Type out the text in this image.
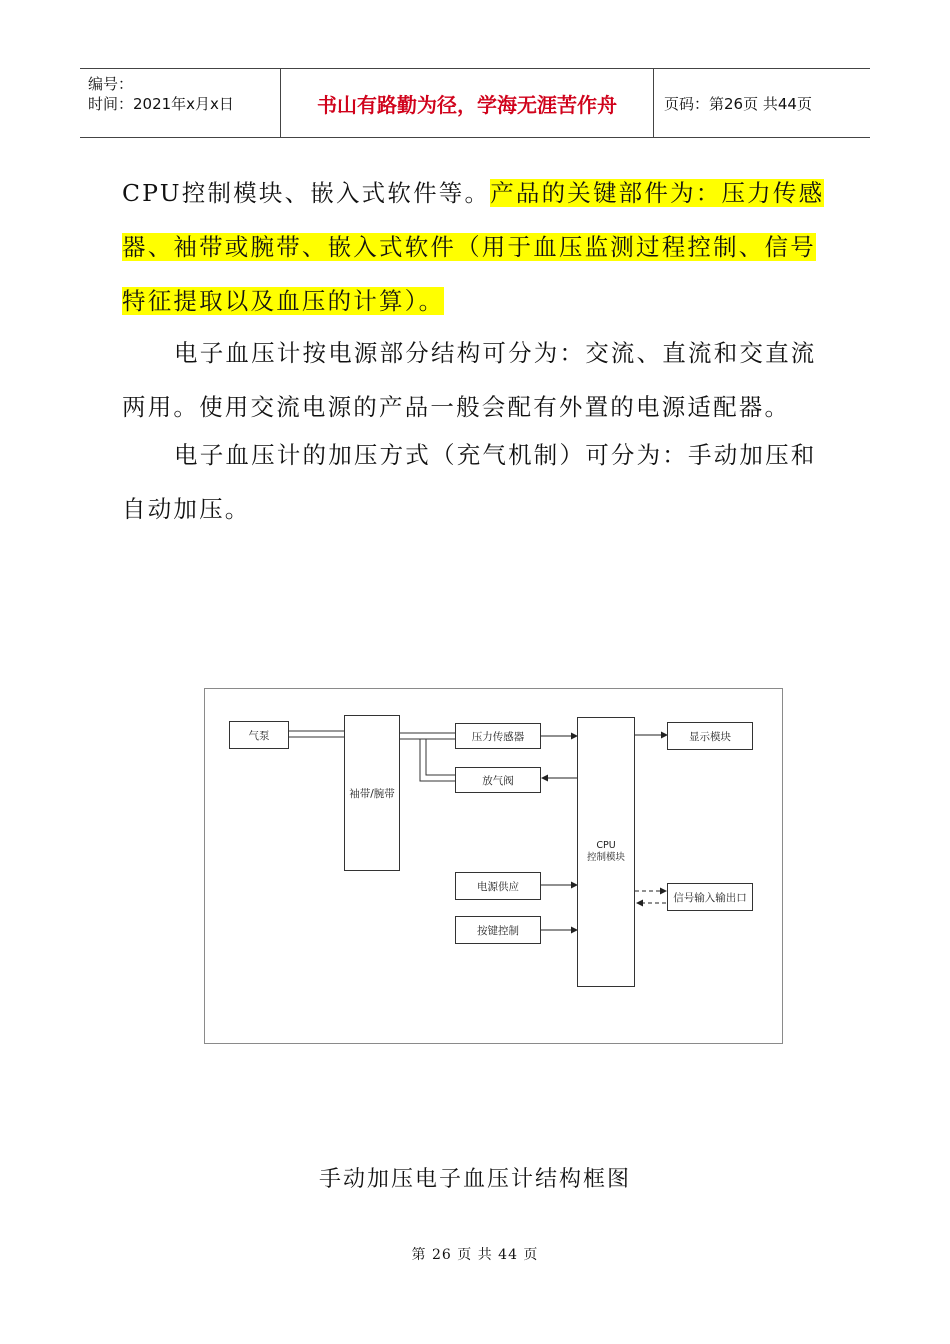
编号：
时间：2021年x月x日	书山有路勤为径，学海无涯苦作舟	页码：第26页 共44页
CPU控制模块、嵌入式软件等。产品的关键部件为：压力传感
器、袖带或腕带、嵌入式软件（用于血压监测过程控制、信号
特征提取以及血压的计算）。
电子血压计按电源部分结构可分为：交流、直流和交直流
两用。使用交流电源的产品一般会配有外置的电源适配器。
电子血压计的加压方式（充气机制）可分为：手动加压和
自动加压。
气泵
袖带/腕带
压力传感器
放气阀
电源供应
按键控制
CPU
控制模块
显示模块
信号输入输出口
手动加压电子血压计结构框图
第 26 页 共 44 页
